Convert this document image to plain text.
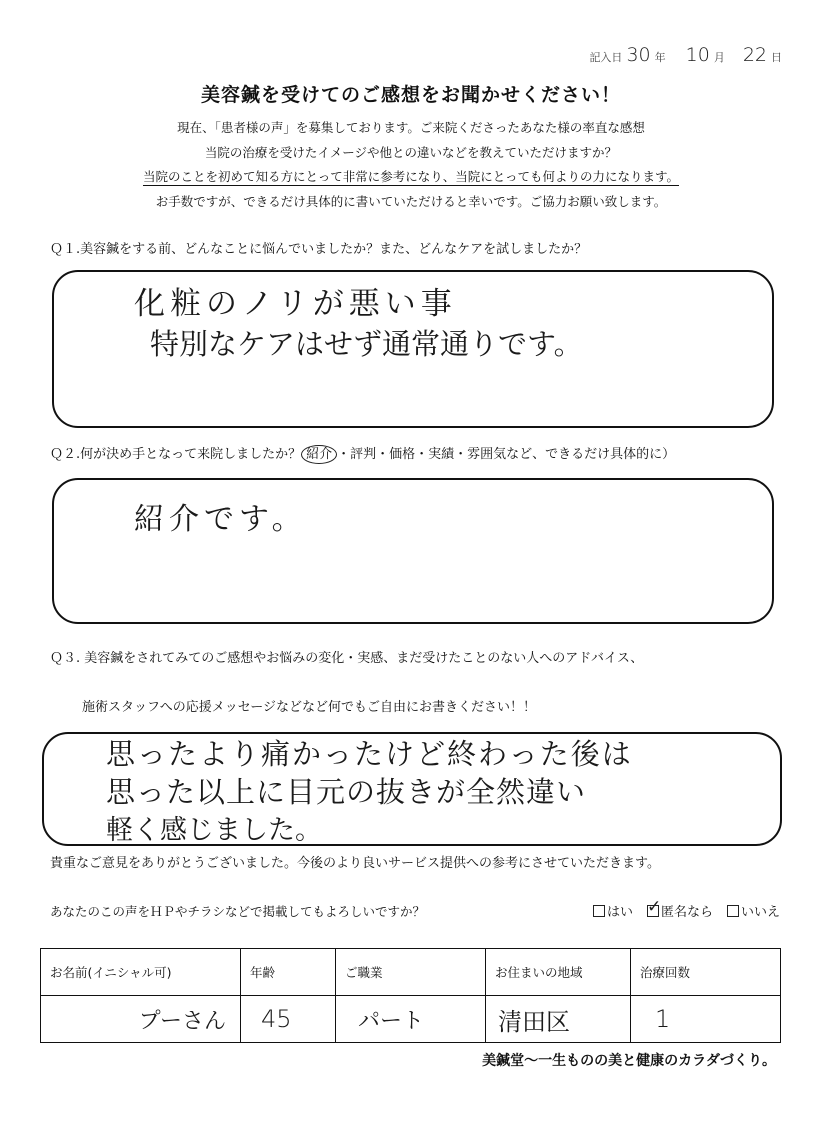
記入日 30 年 10 月 22 日
美容鍼を受けてのご感想をお聞かせください！
現在、「患者様の声」を募集しております。ご来院くださったあなた様の率直な感想
当院の治療を受けたイメージや他との違いなどを教えていただけますか？
当院のことを初めて知る方にとって非常に参考になり、当院にとっても何よりの力になります。
お手数ですが、できるだけ具体的に書いていただけると幸いです。ご協力お願い致します。
Ｑ１.美容鍼をする前、どんなことに悩んでいましたか？また、どんなケアを試しましたか？
化粧のノリが悪い事
特別なケアはせず通常通りです。
Ｑ２.何が決め手となって来院しましたか？ 紹介 ・評判・価格・実績・雰囲気など、できるだけ具体的に）
紹介です。
Ｑ３. 美容鍼をされてみてのご感想やお悩みの変化・実感、まだ受けたことのない人へのアドバイス、
施術スタッフへの応援メッセージなどなど何でもご自由にお書きください！！
思ったより痛かったけど終わった後は
思った以上に目元の抜きが全然違い
軽く感じました。
貴重なご意見をありがとうございました。今後のより良いサービス提供への参考にさせていただきます。
あなたのこの声をＨＰやチラシなどで掲載してもよろしいですか？	はい ✓ 匿名なら いいえ
お名前(イニシャル可)	年齢	ご職業	お住まいの地域	治療回数
プーさん	45	パート	清田区	1
美鍼堂〜一生ものの美と健康のカラダづくり。
